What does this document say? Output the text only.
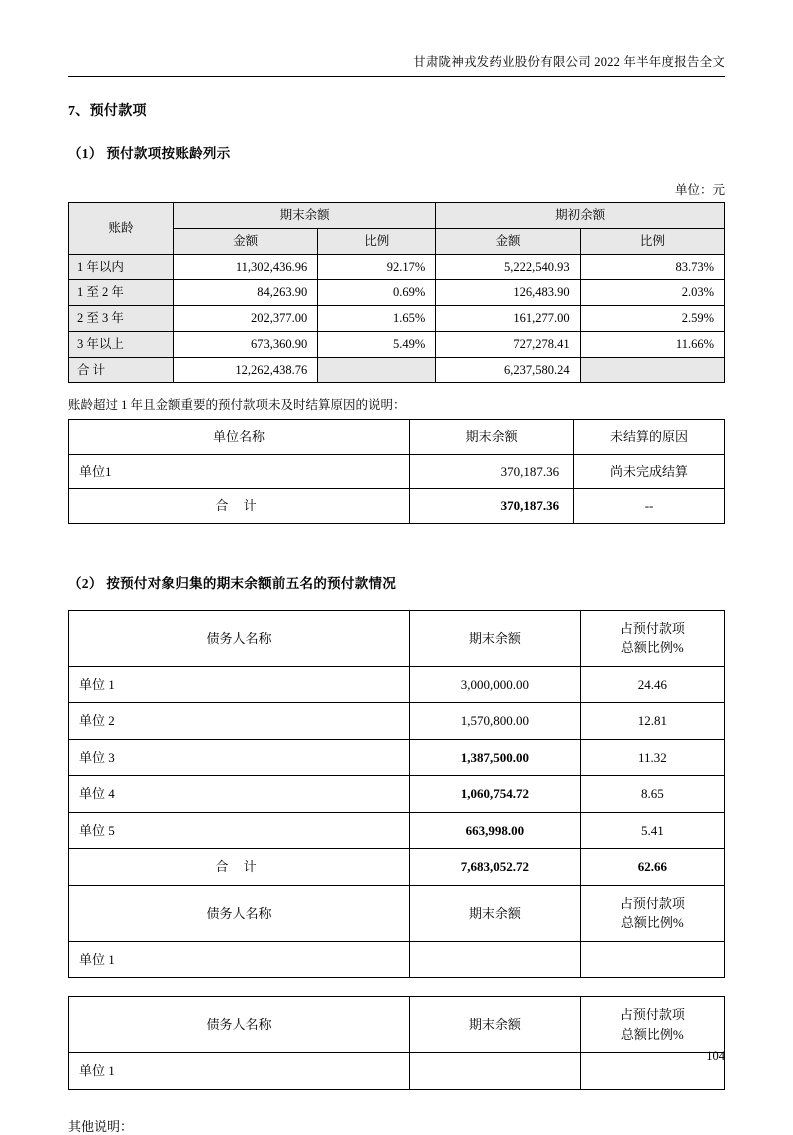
甘肃陇神戎发药业股份有限公司 2022 年半年度报告全文
7、预付款项
（1） 预付款项按账龄列示
单位：元
账龄	期末余额		期初余额	
	金额	比例	金额	比例
1 年以内	11,302,436.96	92.17%	5,222,540.93	83.73%
1 至 2 年	84,263.90	0.69%	126,483.90	2.03%
2 至 3 年	202,377.00	1.65%	161,277.00	2.59%
3 年以上	673,360.90	5.49%	727,278.41	11.66%
合 计	12,262,438.76		6,237,580.24	
账龄超过 1 年且金额重要的预付款项未及时结算原因的说明：
单位名称	期末余额	未结算的原因
单位1	370,187.36	尚未完成结算
合 计	370,187.36	--
（2） 按预付对象归集的期末余额前五名的预付款情况
债务人名称	期末余额	占预付款项
总额比例%

单位 1	3,000,000.00	24.46
单位 2	1,570,800.00	12.81
单位 3	1,387,500.00	11.32
单位 4	1,060,754.72	8.65
单位 5	663,998.00	5.41
合 计	7,683,052.72	62.66
债务人名称	期末余额	占预付款项
总额比例%

单位 1		
债务人名称	期末余额	占预付款项
总额比例%

单位 1		
其他说明：
104
